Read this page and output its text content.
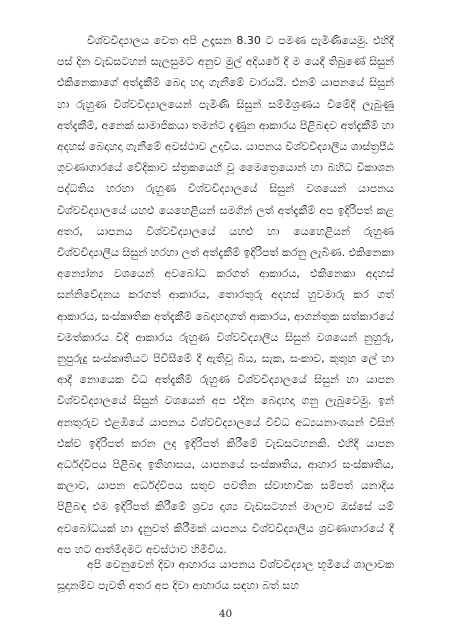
විශ්වවිද්‍යාලය වෙත අපි උදෑසන 8.30 ට පමණ පැමිණියෙමු. එහිදී පස් දින වැඩසටහන් සැලසුමට අනුව මුල් අදියරේ දී ම යෙදී තිබුණේ සිසුන් එකිනෙකාගේ අත්දැකීම් බෙදා හදා ගැනීමේ වාරයයි. එනම් යාපනයේ සිසුන් හා රුහුණ විශ්වවිද්‍යාලයෙන් පැමිණි සිසුන් සම්මිශ්‍රණය වීමේදී ලැබුණු අත්දැකීම්, අනෙක් සාමාජිකයා තමන්ට දැණුන ආකාරය පිළිබඳව අත්දැකීම් හා අදහස් බෙදාහදා ගැනීමේ අවස්ථාව උදාවිය. යාපනය විශ්වවිද්‍යාලීය ශාස්ත්‍රපීඨ ගුවණාගාරයේ වේදිකාව ස්ත්‍රකයෙහි වූ මෛත්‍රෙයොන් හා බහිධ විකාශන පද්ධතිය හරහා රුහුණ විශ්වවිද්‍යාලයේ සිසුන් වශයෙන් යාපනය විශ්වවිද්‍යාලයේ යහළු යෙහෙළියන් සමගින් ලත් අත්දැකීම් අප ඉදිරිපත් කළ අතර, යාපනය විශ්වවිද්‍යාලයේ යහළු හා යෙහෙළියන් රුහුණ විශ්වවිද්‍යාලීය සිසුන් හරහා ලත් අත්දැකීම් ඉදිරිපත් කරනු ලැබිණ. එකිනෙකා අන්‍යෝන්‍ය වශයෙන් අවබෝධ කරගත් ආකාරය, එකිනෙකා අදහස් සන්නිවේදනය කරගත් ආකාරය, තොරතුරු අදහස් හුවමාරු කර ගත් ආකාරය, සංස්කෘතික අත්දැකීම් බෙදාහදාගත් ආකාරය, ආගන්තුක සත්කාරයේ චමත්කාරය විදි ආකාරය රුහුණ විශ්වවිද්‍යාලීය සිසුන් වශයෙන් නුහුරු, නුපුරුදු සංස්කෘතියට පිවිසීමේ දී ඇතිවූ බිය, සැක, සංකාව, කුතුහ ලේ හා ආදී නොයෙක විධ අත්දැකීම් රුහුණ විශ්වවිද්‍යාලයේ සිසුන් හා යාපන විශ්වවිද්‍යාලයේ සිසුන් වශයෙන් අප එදින බෙදාහදා ගනු ලැබුවෙමු. ඉන් අනතුරුව එළඹියේ යාපනය විශ්වවිද්‍යාලයේ විවිධ අධ්‍යයනාංශයන් විසින් එක්ව ඉදිරිපත් කරන ලද ඉදිරිපත් කිරීමේ වැඩසටහනකි. එහිදී යාපන අර්ධද්වීපය පිළිබඳ ඉතිහාසය, යාපනයේ සංස්කෘතිය, ආහාර සංස්කෘතිය, කලාව, යාපන අර්ධද්වීපය සතුව පවතින ස්වාභාවික සම්පත් යනාදිය පිළිබඳ එම ඉදිරිපත් කිරීමේ ශ්‍රව්‍ය දෘශ්‍ය වැඩසටහන් මාලාව ඔස්සේ යම් අවබෝධයක් හා දැනුවත් කිරීමක් යාපනය විශ්වවිද්‍යාලීය ශ්‍රවණාගාරයේ දී අප හට ආත්මීදමට අවස්ථාව හිමිවිය.

අපි වෙනුවෙන් දිවා ආහාරය යාපනය විශ්වවිද්‍යාල භූමියේ ශාලාවක සූදානම්ව පැවති අතර අප දිවා ආහාරය සඳහා බත් සහ

40
